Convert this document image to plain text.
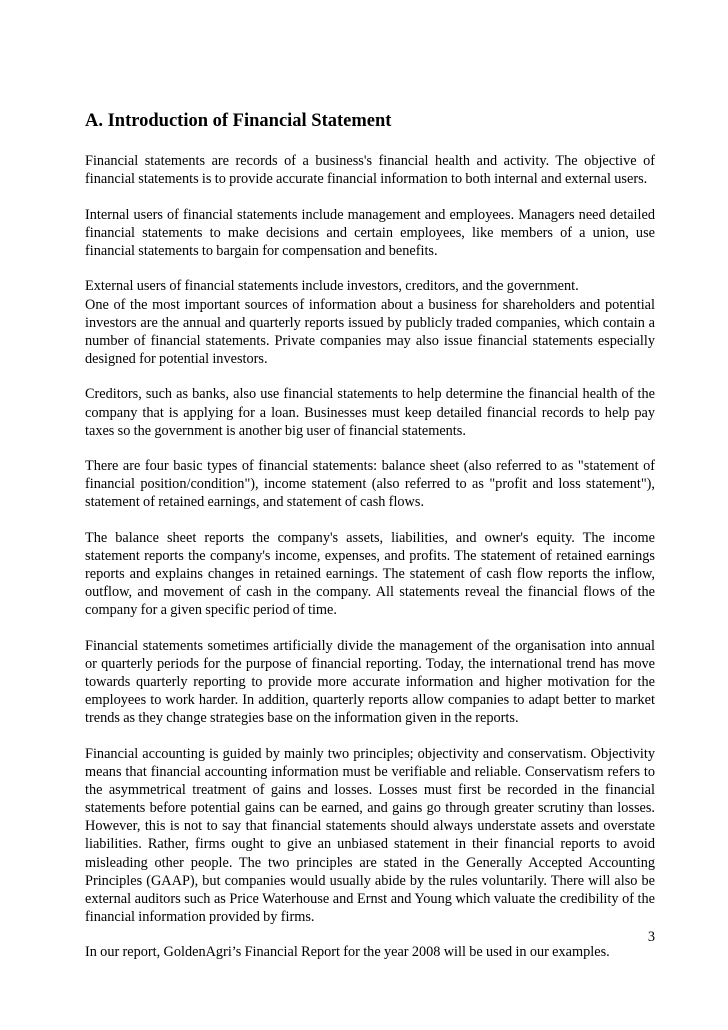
A. Introduction of Financial Statement

Financial statements are records of a business's financial health and activity. The objective of financial statements is to provide accurate financial information to both internal and external users.

Internal users of financial statements include management and employees. Managers need detailed financial statements to make decisions and certain employees, like members of a union, use financial statements to bargain for compensation and benefits.

External users of financial statements include investors, creditors, and the government.

One of the most important sources of information about a business for shareholders and potential investors are the annual and quarterly reports issued by publicly traded companies, which contain a number of financial statements. Private companies may also issue financial statements especially designed for potential investors.

Creditors, such as banks, also use financial statements to help determine the financial health of the company that is applying for a loan. Businesses must keep detailed financial records to help pay taxes so the government is another big user of financial statements.

There are four basic types of financial statements: balance sheet (also referred to as "statement of financial position/condition"), income statement (also referred to as "profit and loss statement"), statement of retained earnings, and statement of cash flows.

The balance sheet reports the company's assets, liabilities, and owner's equity. The income statement reports the company's income, expenses, and profits. The statement of retained earnings reports and explains changes in retained earnings. The statement of cash flow reports the inflow, outflow, and movement of cash in the company. All statements reveal the financial flows of the company for a given specific period of time.

Financial statements sometimes artificially divide the management of the organisation into annual or quarterly periods for the purpose of financial reporting. Today, the international trend has move towards quarterly reporting to provide more accurate information and higher motivation for the employees to work harder. In addition, quarterly reports allow companies to adapt better to market trends as they change strategies base on the information given in the reports.

Financial accounting is guided by mainly two principles; objectivity and conservatism. Objectivity means that financial accounting information must be verifiable and reliable. Conservatism refers to the asymmetrical treatment of gains and losses. Losses must first be recorded in the financial statements before potential gains can be earned, and gains go through greater scrutiny than losses. However, this is not to say that financial statements should always understate assets and overstate liabilities. Rather, firms ought to give an unbiased statement in their financial reports to avoid misleading other people. The two principles are stated in the Generally Accepted Accounting Principles (GAAP), but companies would usually abide by the rules voluntarily. There will also be external auditors such as Price Waterhouse and Ernst and Young which valuate the credibility of the financial information provided by firms.

In our report, GoldenAgri’s Financial Report for the year 2008 will be used in our examples.

3
